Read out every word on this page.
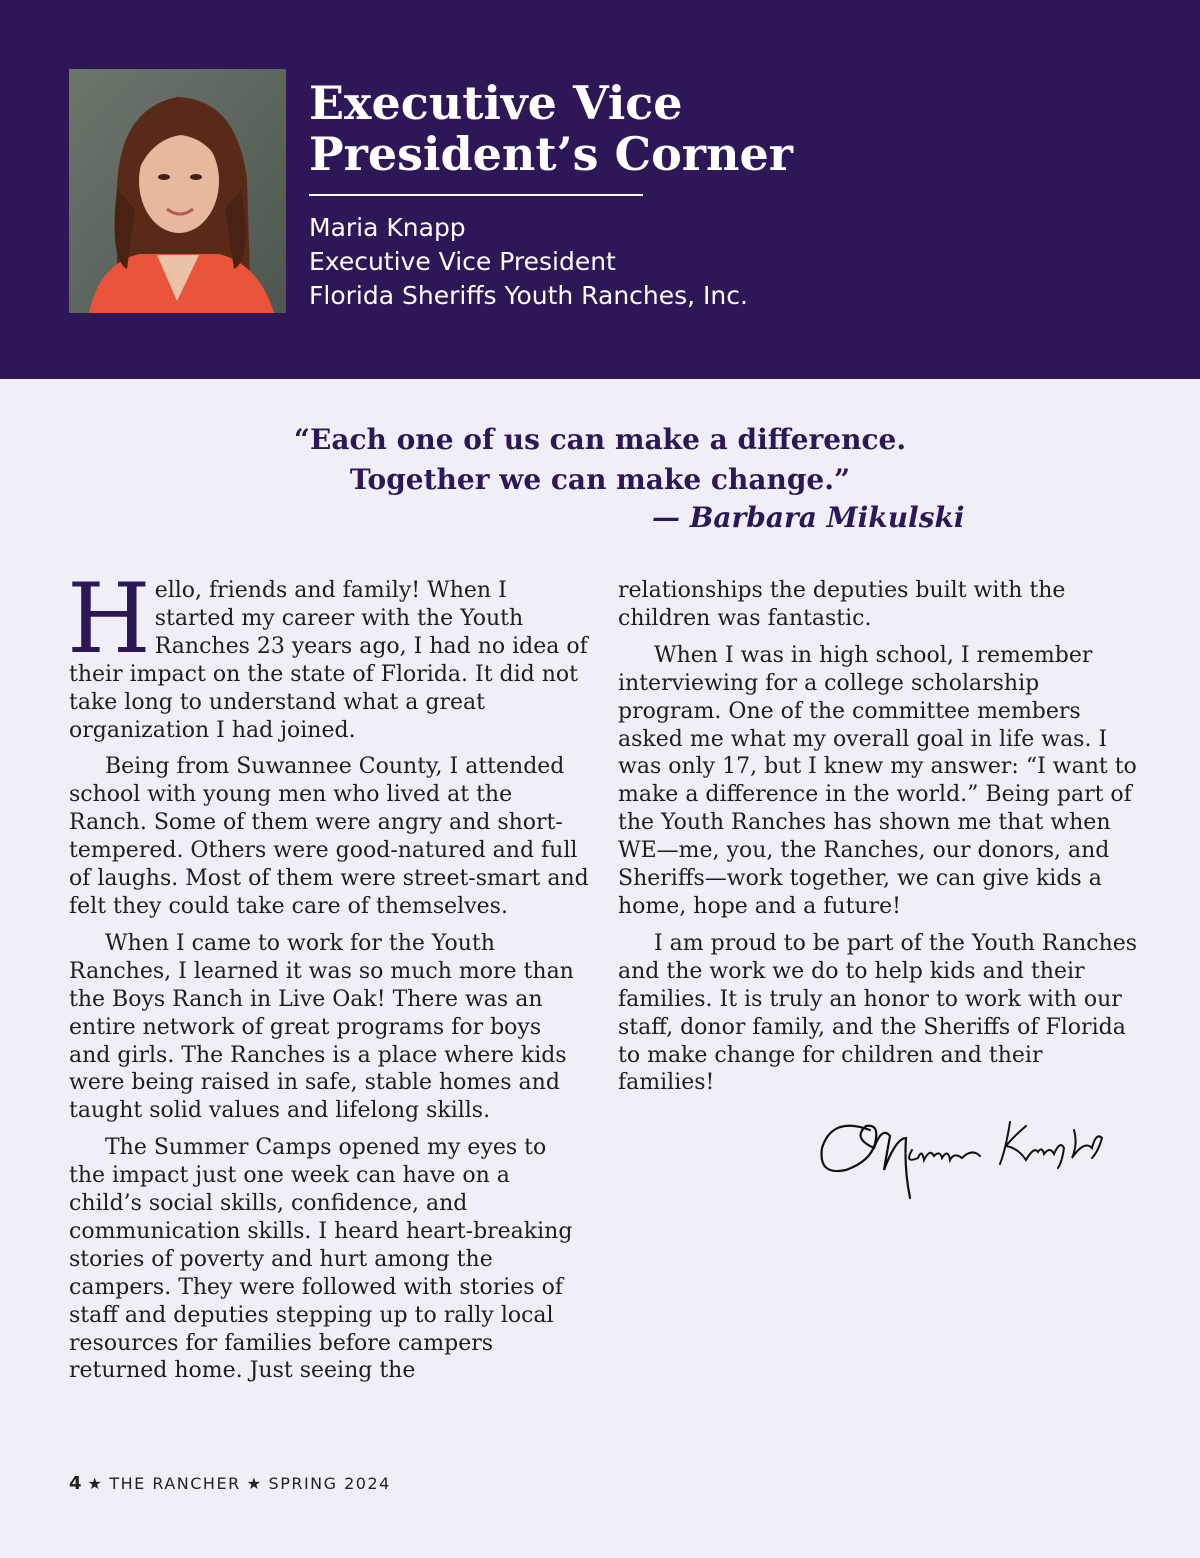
Executive Vice
President’s Corner
Maria Knapp
Executive Vice President
Florida Sheriffs Youth Ranches, Inc.
“Each one of us can make a difference.
Together we can make change.”
— Barbara Mikulski

Hello, friends and family! When I started my career with the Youth Ranches 23 years ago, I had no idea of their impact on the state of Florida. It did not take long to understand what a great organization I had joined.

Being from Suwannee County, I attended school with young men who lived at the Ranch. Some of them were angry and short-tempered. Others were good-natured and full of laughs. Most of them were street-smart and felt they could take care of themselves.

When I came to work for the Youth Ranches, I learned it was so much more than the Boys Ranch in Live Oak! There was an entire network of great programs for boys and girls. The Ranches is a place where kids were being raised in safe, stable homes and taught solid values and lifelong skills.

The Summer Camps opened my eyes to the impact just one week can have on a child’s social skills, confidence, and communication skills. I heard heart-breaking stories of poverty and hurt among the campers. They were followed with stories of staff and deputies stepping up to rally local resources for families before campers returned home. Just seeing the

relationships the deputies built with the children was fantastic.

When I was in high school, I remember interviewing for a college scholarship program. One of the committee members asked me what my overall goal in life was. I was only 17, but I knew my answer: “I want to make a difference in the world.” Being part of the Youth Ranches has shown me that when WE—me, you, the Ranches, our donors, and Sheriffs—work together, we can give kids a home, hope and a future!

I am proud to be part of the Youth Ranches and the work we do to help kids and their families. It is truly an honor to work with our staff, donor family, and the Sheriffs of Florida to make change for children and their families!

4 ★ THE RANCHER ★ SPRING 2024
